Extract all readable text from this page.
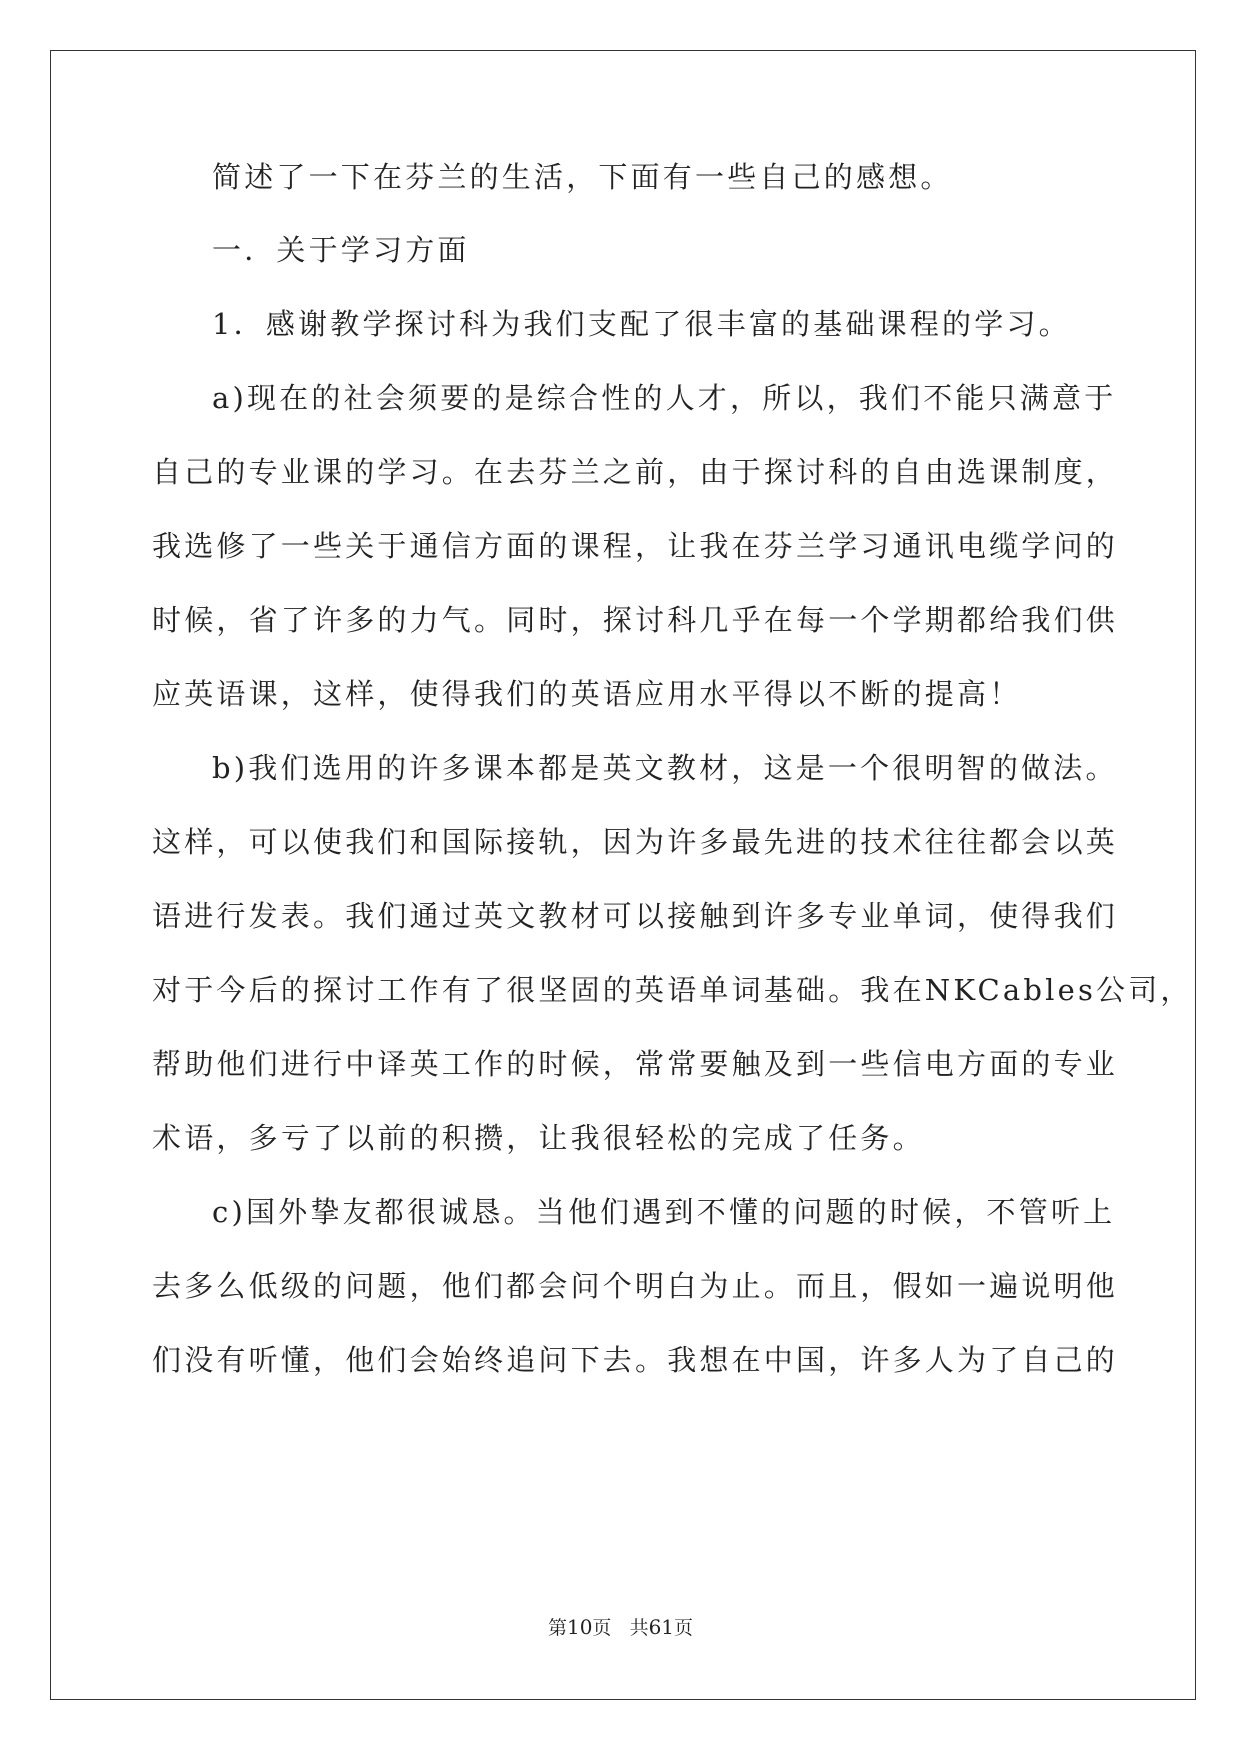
简述了一下在芬兰的生活，下面有一些自己的感想。
一．关于学习方面
1．感谢教学探讨科为我们支配了很丰富的基础课程的学习。
a)现在的社会须要的是综合性的人才，所以，我们不能只满意于
自己的专业课的学习。在去芬兰之前，由于探讨科的自由选课制度，
我选修了一些关于通信方面的课程，让我在芬兰学习通讯电缆学问的
时候，省了许多的力气。同时，探讨科几乎在每一个学期都给我们供
应英语课，这样，使得我们的英语应用水平得以不断的提高！
b)我们选用的许多课本都是英文教材，这是一个很明智的做法。
这样，可以使我们和国际接轨，因为许多最先进的技术往往都会以英
语进行发表。我们通过英文教材可以接触到许多专业单词，使得我们
对于今后的探讨工作有了很坚固的英语单词基础。我在NKCables公司，
帮助他们进行中译英工作的时候，常常要触及到一些信电方面的专业
术语，多亏了以前的积攒，让我很轻松的完成了任务。
c)国外挚友都很诚恳。当他们遇到不懂的问题的时候，不管听上
去多么低级的问题，他们都会问个明白为止。而且，假如一遍说明他
们没有听懂，他们会始终追问下去。我想在中国，许多人为了自己的
第10页 共61页
